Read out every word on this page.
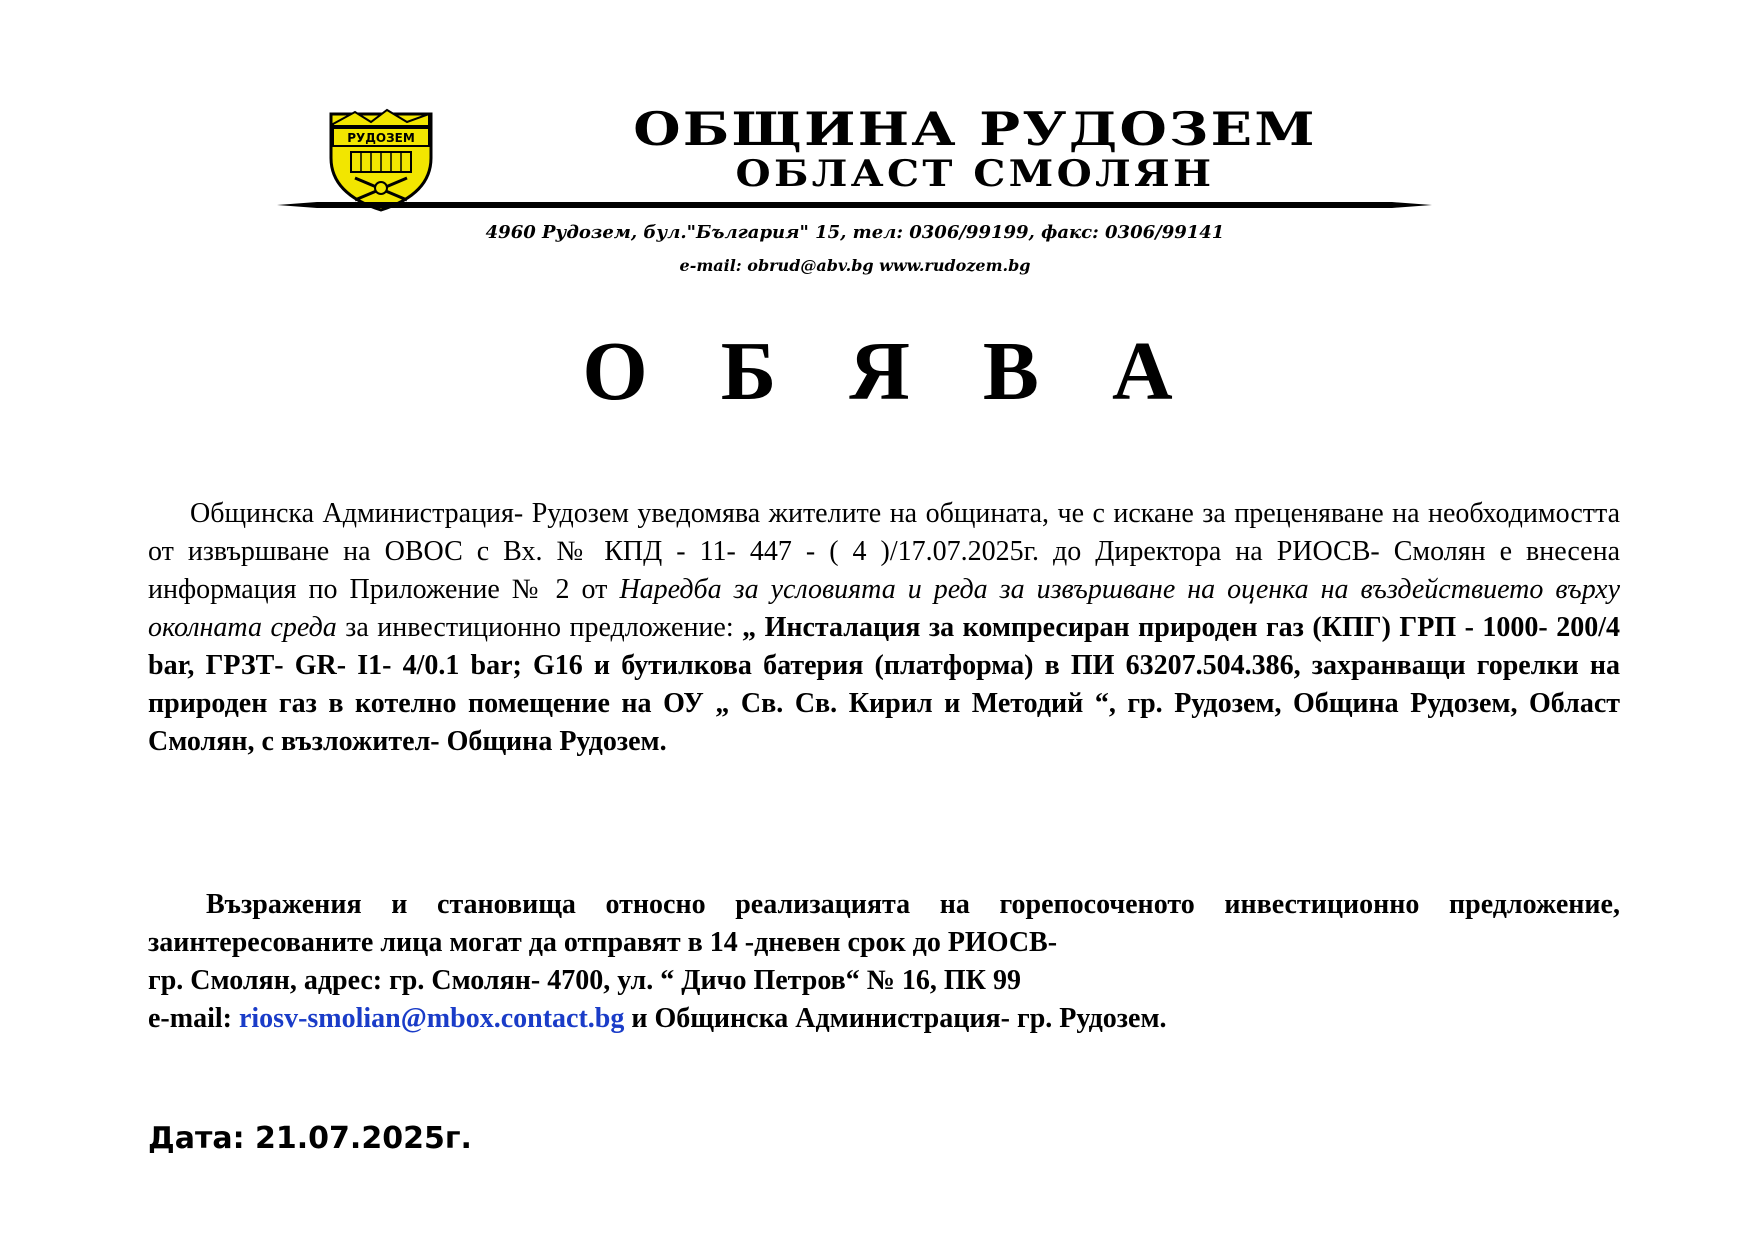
РУДОЗЕМ	ОБЩИНА РУДОЗЕМ
ОБЛАСТ СМОЛЯН
4960 Рудозем, бул."България" 15, тел: 0306/99199, факс: 0306/99141
e-mail: obrud@abv.bg www.rudozem.bg
О Б Я В А
Общинска Администрация- Рудозем уведомява жителите на общината, че с искане за преценяване на необходимостта от извършване на ОВОС с Вх. № КПД - 11- 447 - ( 4 )/17.07.2025г. до Директора на РИОСВ- Смолян е внесена информация по Приложение № 2 от Наредба за условията и реда за извършване на оценка на въздействието върху околната среда за инвестиционно предложение: „ Инсталация за компресиран природен газ (КПГ) ГРП - 1000- 200/4 bar, ГРЗТ- GR- I1- 4/0.1 bar; G16 и бутилкова батерия (платформа) в ПИ 63207.504.386, захранващи горелки на природен газ в котелно помещение на ОУ „ Св. Св. Кирил и Методий “, гр. Рудозем, Община Рудозем, Област Смолян, с възложител- Община Рудозем.
Възражения и становища относно реализацията на горепосоченото инвестиционно предложение, заинтересованите лица могат да отправят в 14 -дневен срок до РИОСВ-
гр. Смолян, адрес: гр. Смолян- 4700, ул. “ Дичо Петров“ № 16, ПК 99
e-mail: riosv-smolian@mbox.contact.bg и Общинска Администрация- гр. Рудозем.
Дата: 21.07.2025г.
